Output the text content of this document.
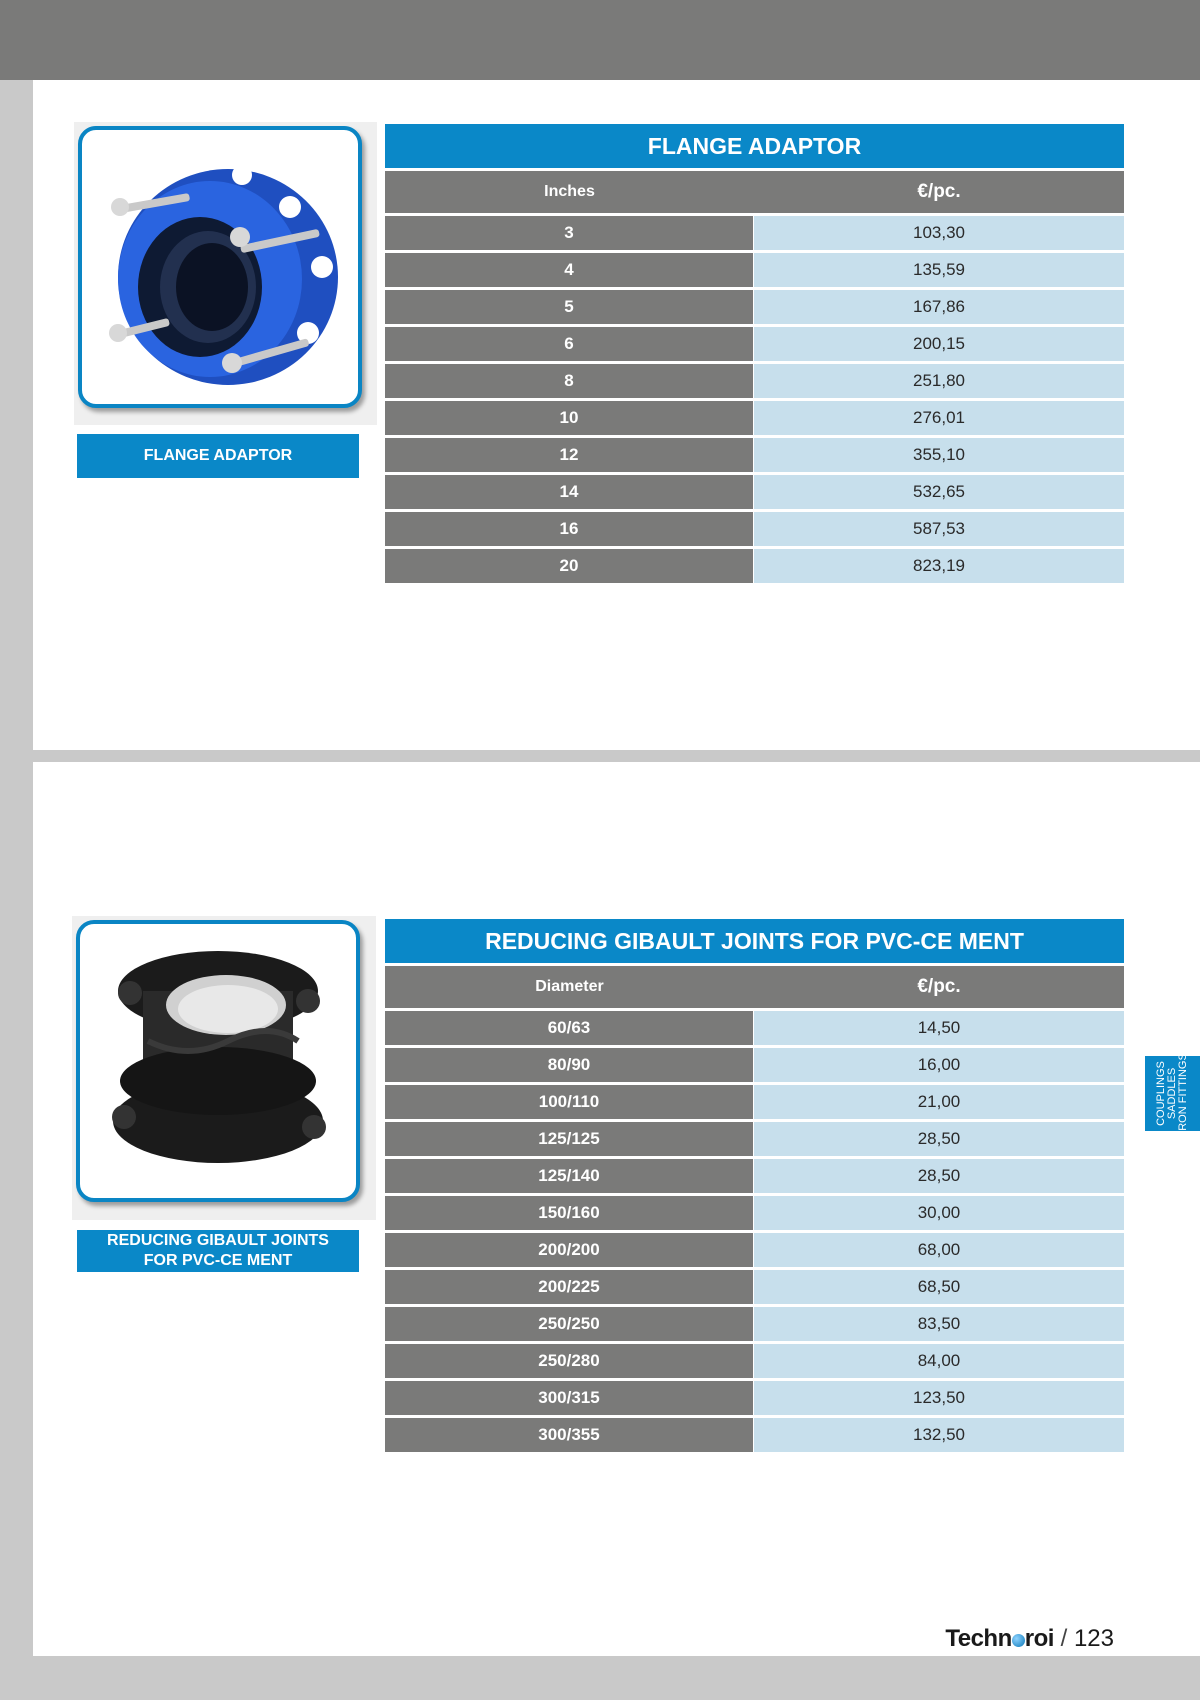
FLANGE ADAPTOR
FLANGE ADAPTOR
Inches	€/pc.
3	103,30
4	135,59
5	167,86
6	200,15
8	251,80
10	276,01
12	355,10
14	532,65
16	587,53
20	823,19
REDUCING GIBAULT JOINTS
FOR PVC-CE MENT
REDUCING GIBAULT JOINTS FOR PVC-CE MENT
Diameter	€/pc.
60/63	14,50
80/90	16,00
100/110	21,00
125/125	28,50
125/140	28,50
150/160	30,00
200/200	68,00
200/225	68,50
250/250	83,50
250/280	84,00
300/315	123,50
300/355	132,50
COUPLINGS SADDLES IRON FITTINGS
Techn roi / 123
